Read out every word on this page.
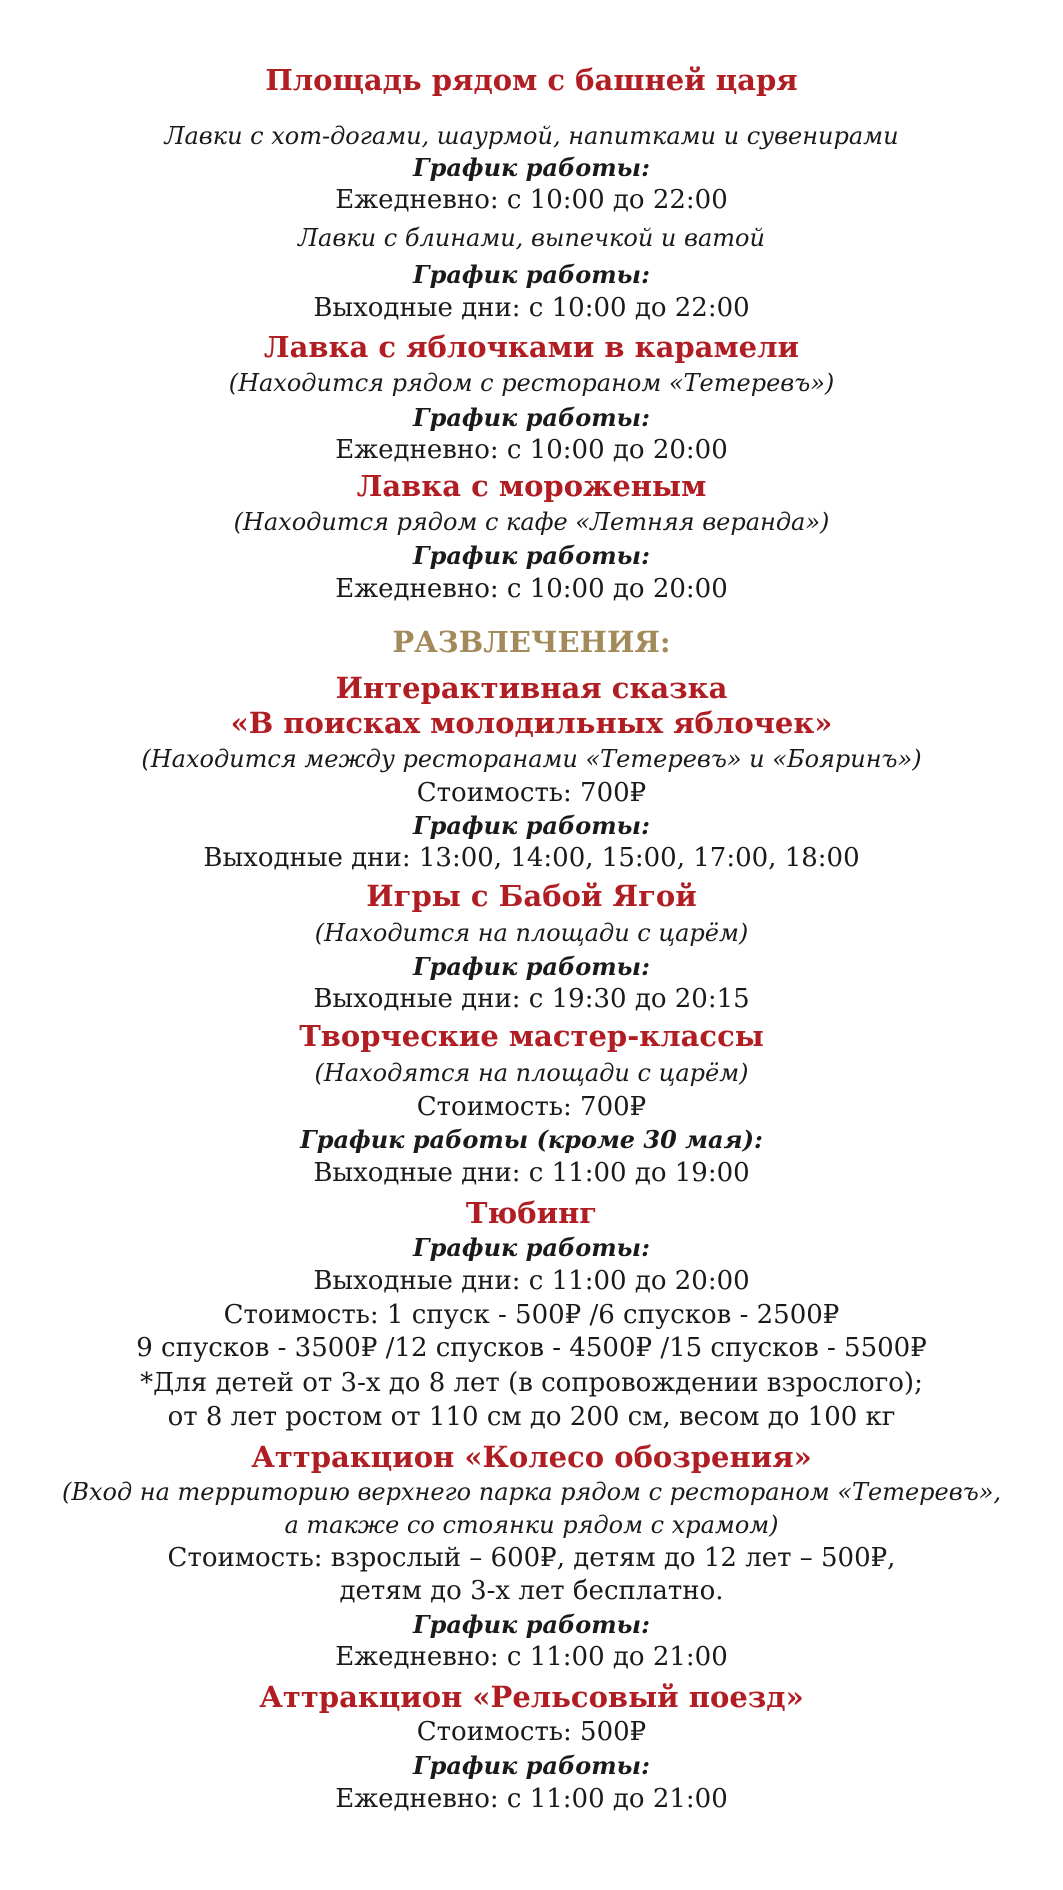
Площадь рядом с башней царя
Лавки с хот-догами, шаурмой, напитками и сувенирами
График работы:
Ежедневно: с 10:00 до 22:00
Лавки с блинами, выпечкой и ватой
График работы:
Выходные дни: с 10:00 до 22:00
Лавка с яблочками в карамели
(Находится рядом с рестораном «Тетеревъ»)
График работы:
Ежедневно: с 10:00 до 20:00
Лавка с мороженым
(Находится рядом с кафе «Летняя веранда»)
График работы:
Ежедневно: с 10:00 до 20:00
РАЗВЛЕЧЕНИЯ:
Интерактивная сказка
«В поисках молодильных яблочек»
(Находится между ресторанами «Тетеревъ» и «Бояринъ»)
Стоимость: 700₽
График работы:
Выходные дни: 13:00, 14:00, 15:00, 17:00, 18:00
Игры с Бабой Ягой
(Находится на площади с царём)
График работы:
Выходные дни: с 19:30 до 20:15
Творческие мастер-классы
(Находятся на площади с царём)
Стоимость: 700₽
График работы (кроме 30 мая):
Выходные дни: с 11:00 до 19:00
Тюбинг
График работы:
Выходные дни: с 11:00 до 20:00
Стоимость: 1 спуск - 500₽ /6 спусков - 2500₽
9 спусков - 3500₽ /12 спусков - 4500₽ /15 спусков - 5500₽
*Для детей от 3-х до 8 лет (в сопровождении взрослого);
от 8 лет ростом от 110 см до 200 см, весом до 100 кг
Аттракцион «Колесо обозрения»
(Вход на территорию верхнего парка рядом с рестораном «Тетеревъ»,
а также со стоянки рядом с храмом)
Стоимость: взрослый – 600₽, детям до 12 лет – 500₽,
детям до 3-х лет бесплатно.
График работы:
Ежедневно: с 11:00 до 21:00
Аттракцион «Рельсовый поезд»
Стоимость: 500₽
График работы:
Ежедневно: с 11:00 до 21:00
